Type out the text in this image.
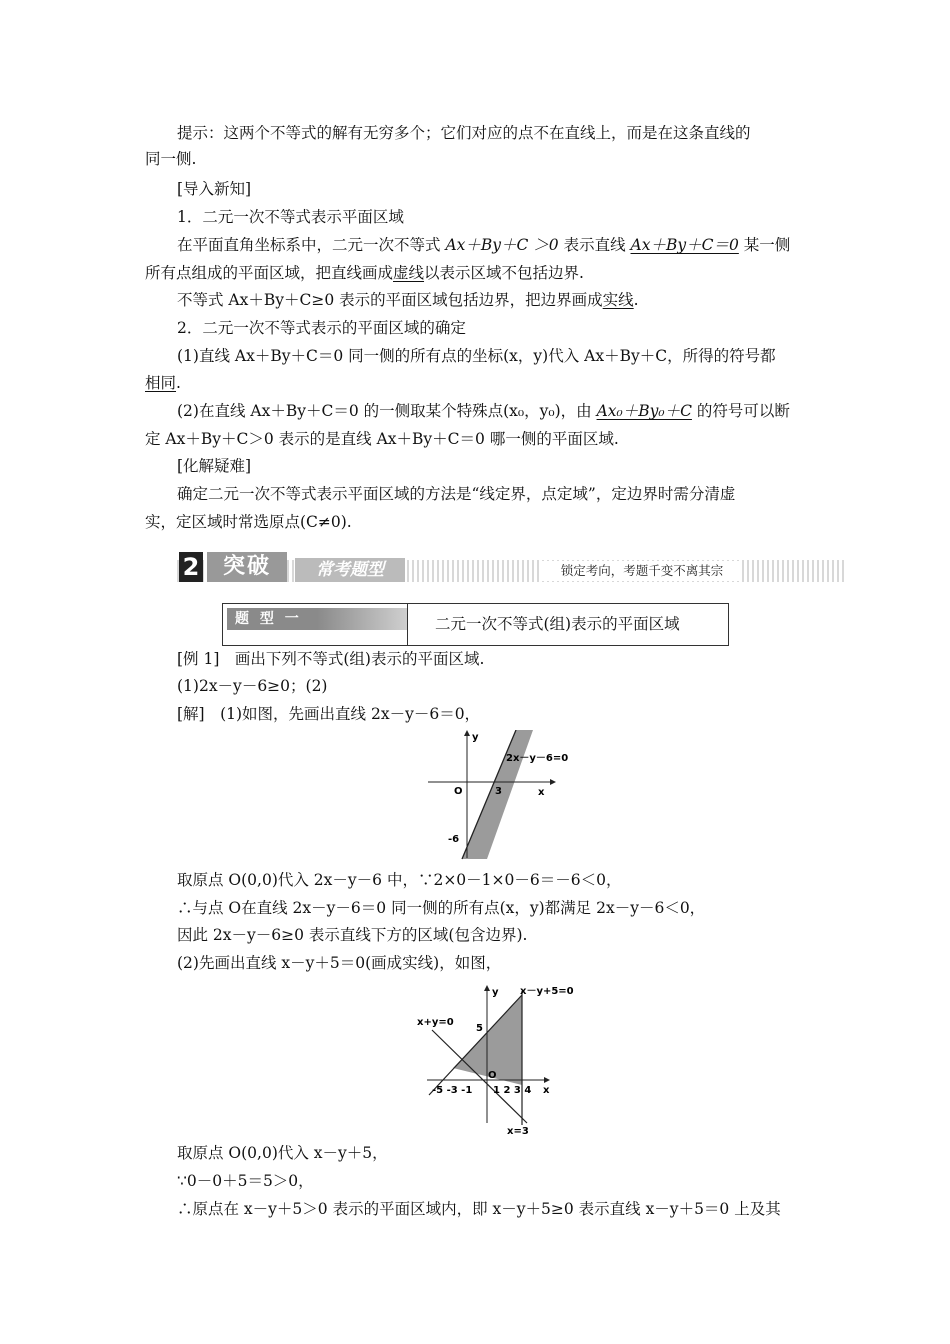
提示：这两个不等式的解有无穷多个；它们对应的点不在直线上，而是在这条直线的
同一侧.
[导入新知]
1．二元一次不等式表示平面区域
在平面直角坐标系中，二元一次不等式 Ax＋By＋C ＞0 表示直线 Ax＋By＋C＝0 某一侧
所有点组成的平面区域，把直线画成虚线以表示区域不包括边界.
不等式 Ax＋By＋C≥0 表示的平面区域包括边界，把边界画成实线.
2．二元一次不等式表示的平面区域的确定
(1)直线 Ax＋By＋C＝0 同一侧的所有点的坐标(x，y)代入 Ax＋By＋C，所得的符号都
相同.
(2)在直线 Ax＋By＋C＝0 的一侧取某个特殊点(x₀，y₀)，由 Ax₀＋By₀＋C 的符号可以断
定 Ax＋By＋C＞0 表示的是直线 Ax＋By＋C＝0 哪一侧的平面区域.
[化解疑难]
确定二元一次不等式表示平面区域的方法是“线定界，点定域”，定边界时需分清虚
实，定区域时常选原点(C≠0).
2	突破	常考题型	锁定考向，考题千变不离其宗
题 型 一	二元一次不等式(组)表示的平面区域
[例 1]　画出下列不等式(组)表示的平面区域.
(1)2x－y－6≥0；(2)
[解]　(1)如图，先画出直线 2x－y－6＝0，
y
x
O	3
-6
2x－y－6=0
取原点 O(0,0)代入 2x－y－6 中，∵2×0－1×0－6＝－6＜0，
∴与点 O在直线 2x－y－6＝0 同一侧的所有点(x，y)都满足 2x－y－6＜0，
因此 2x－y－6≥0 表示直线下方的区域(包含边界).
(2)先画出直线 x－y＋5＝0(画成实线)，如图，
y
x
O
x－y+5=0
x+y=0
x=3
5
-5 -3 -1 1 2 3 4
取原点 O(0,0)代入 x－y＋5，
∵0－0＋5＝5＞0，
∴原点在 x－y＋5＞0 表示的平面区域内，即 x－y＋5≥0 表示直线 x－y＋5＝0 上及其
